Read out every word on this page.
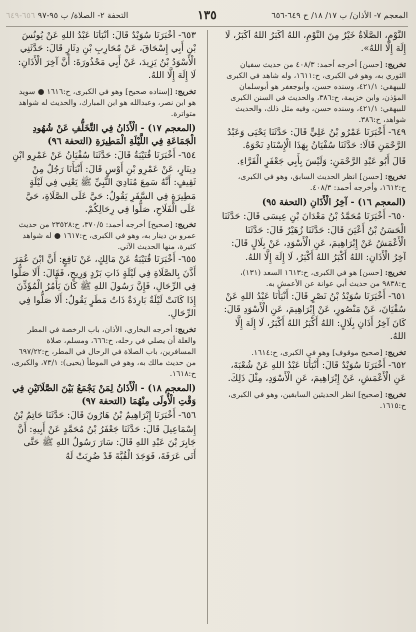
المعجم ٧- الأذان/ ب ١٧/ ١٨/ ح ٦٤٩-٦٥٦
١٣٥
التحفة ٢- الصلاة/ ب ٩٥-٩٧ ٦٥٦-٦٤٩

النَّوْمِ، الصَّلَاةُ خَيْرٌ مِنَ النَّوْمِ، اللهُ أَكْبَرُ اللهُ أَكْبَرُ، لَا إِلَهَ إِلَّا اللهُ».

تخريج: [حسن] أخرجه أحمد: ٤٠٨/٣ من حديث سفيان الثوري به، وهو في الكبرى، ح:١٦١١، وله شاهد في الكبرى للبيهقي: ٤٢١/١، وسنده حسن، وأبوجعفر هو أبوسلمان المؤذن، وابن خزيمة، ح:٣٨٦، والحديث في السنن الكبرى للبيهقي: ٤٢١/١، وسنده حسن، وفيه مثل ذلك، والحديث شواهد، ح:٣٨٦.

٦٤٩- أَخْبَرَنَا عَمْرُو بْنُ عَلِيٍّ قَالَ: حَدَّثَنَا يَحْيَى وَعَبْدُ الرَّحْمَنِ قَالَا: حَدَّثَنَا سُفْيَانُ بِهَذَا الْإِسْنَادِ نَحْوَهُ.

قَالَ أَبُو عَبْدِ الرَّحْمَنِ: وَلَيْسَ بِأَبِي جَعْفَرٍ الْفَرَّاءِ.

تخريج: [حسن] انظر الحديث السابق، وهو في الكبرى، ح:١٦١٢، وأخرجه أحمد: ٤٠٨/٣.

(المعجم ١٦) - آخِرُ الْأَذَانِ (التحفة ٩٥)

٦٥٠- أَخْبَرَنَا مُحَمَّدُ بْنُ مَعْدَانَ بْنِ عِيسَى قَالَ: حَدَّثَنَا الْحَسَنُ بْنُ أَعْيَنَ قَالَ: حَدَّثَنَا زُهَيْرٌ قَالَ: حَدَّثَنَا الْأَعْمَشُ عَنْ إِبْرَاهِيمَ، عَنِ الْأَسْوَدِ، عَنْ بِلَالٍ قَالَ: آخِرُ الْأَذَانِ: اللهُ أَكْبَرُ اللهُ أَكْبَرُ، لَا إِلَهَ إِلَّا اللهُ.

تخريج: [حسن] هو في الكبرى، ح:١٦١٣ السعد (١٣١)، ح:٩٨٣٨ من حديث أبي عوانة عن الأعمش به.

٦٥١- أَخْبَرَنَا سُوَيْدُ بْنُ نَصْرٍ قَالَ: أَنْبَأَنَا عَبْدُ اللهِ عَنْ سُفْيَانَ، عَنْ مَنْصُورٍ، عَنْ إِبْرَاهِيمَ، عَنِ الْأَسْوَدِ قَالَ: كَانَ آخِرُ أَذَانِ بِلَالٍ: اللهُ أَكْبَرُ اللهُ أَكْبَرُ، لَا إِلَهَ إِلَّا اللهُ.

تخريج: [صحيح موقوف] وهو في الكبرى، ح:١٦١٤.

٦٥٢- أَخْبَرَنَا سُوَيْدٌ قَالَ: أَنْبَأَنَا عَبْدُ اللهِ عَنْ شُعْبَةَ، عَنِ الْأَعْمَشِ، عَنْ إِبْرَاهِيمَ، عَنِ الْأَسْوَدِ، مِثْلَ ذَلِكَ.

تخريج: [صحيح] انظر الحديثين السابقين، وهو في الكبرى، ح:١٦١٥.

٦٥٣- أَخْبَرَنَا سُوَيْدٌ قَالَ: أَنْبَأَنَا عَبْدُ اللهِ عَنْ يُونُسَ بْنِ أَبِي إِسْحَاقَ، عَنْ مُحَارِبِ بْنِ دِثَارٍ قَالَ: حَدَّثَنِي الْأَسْوَدُ بْنُ يَزِيدَ، عَنْ أَبِي مَحْذُورَةَ: أَنَّ آخِرَ الْأَذَانِ: لَا إِلَهَ إِلَّا اللهُ.

تخريج: [إسناده صحيح] وهو في الكبرى، ح:١٦١٦ ● سويد هو ابن نصر، وعبدالله هو ابن المبارك، والحديث له شواهد متواترة.

(المعجم ١٧) - الْأَذَانُ فِي التَّخَلُّفِ عَنْ شُهُودِ الْجَمَاعَةِ فِي اللَّيْلَةِ الْمَطِيرَةِ (التحفة ٩٦)

٦٥٤- أَخْبَرَنَا قُتَيْبَةُ قَالَ: حَدَّثَنَا سُفْيَانُ عَنْ عَمْرِو ابْنِ دِينَارٍ، عَنْ عَمْرِو بْنِ أَوْسٍ قَالَ: أَنْبَأَنَا رَجُلٌ مِنْ ثَقِيفٍ: أَنَّهُ سَمِعَ مُنَادِيَ النَّبِيِّ ﷺ يَعْنِي فِي لَيْلَةٍ مَطِيرَةٍ فِي السَّفَرِ يَقُولُ: حَيَّ عَلَى الصَّلَاةِ، حَيَّ عَلَى الْفَلَاحِ، صَلُّوا فِي رِحَالِكُمْ.

تخريج: [صحيح] أخرجه أحمد: ٣٧٠/٥، ح:٢٣٥٢٨ من حديث عمرو بن دينار به، وهو في الكبرى، ح:١٦١٧ ● له شواهد كثيرة، منها الحديث الآتي.

٦٥٥- أَخْبَرَنَا قُتَيْبَةُ عَنْ مَالِكٍ، عَنْ نَافِعٍ: أَنَّ ابْنَ عُمَرَ أَذَّنَ بِالصَّلَاةِ فِي لَيْلَةٍ ذَاتِ بَرْدٍ وَرِيحٍ، فَقَالَ: أَلَا صَلُّوا فِي الرِّحَالِ، فَإِنَّ رَسُولَ اللهِ ﷺ كَانَ يَأْمُرُ الْمُؤَذِّنَ إِذَا كَانَتْ لَيْلَةٌ بَارِدَةٌ ذَاتُ مَطَرٍ يَقُولُ: أَلَا صَلُّوا فِي الرِّحَالِ.

تخريج: أخرجه البخاري، الأذان، باب الرخصة في المطر والعلة أن يصلي في رحله، ح:٦٦٦، ومسلم، صلاة المسافرين، باب الصلاة في الرحال في المطر، ح:٦٩٧/٢٢ من حديث مالك به، وهو في الموطأ (يحيى): ٧٣/١، والكبرى، ح:١٦١٨.

(المعجم ١٨) - الْأَذَانُ لِمَنْ يَجْمَعُ بَيْنَ الصَّلَاتَيْنِ فِي وَقْتِ الْأُولَى مِنْهُمَا (التحفة ٩٧)

٦٥٦- أَخْبَرَنَا إِبْرَاهِيمُ بْنُ هَارُونَ قَالَ: حَدَّثَنَا حَاتِمُ بْنُ إِسْمَاعِيلَ قَالَ: حَدَّثَنَا جَعْفَرُ بْنُ مُحَمَّدٍ عَنْ أَبِيهِ: أَنَّ جَابِرَ بْنَ عَبْدِ اللهِ قَالَ: سَارَ رَسُولُ اللهِ ﷺ حَتَّى أَتَى عَرَفَةَ، فَوَجَدَ الْقُبَّةَ قَدْ ضُرِبَتْ لَهُ
